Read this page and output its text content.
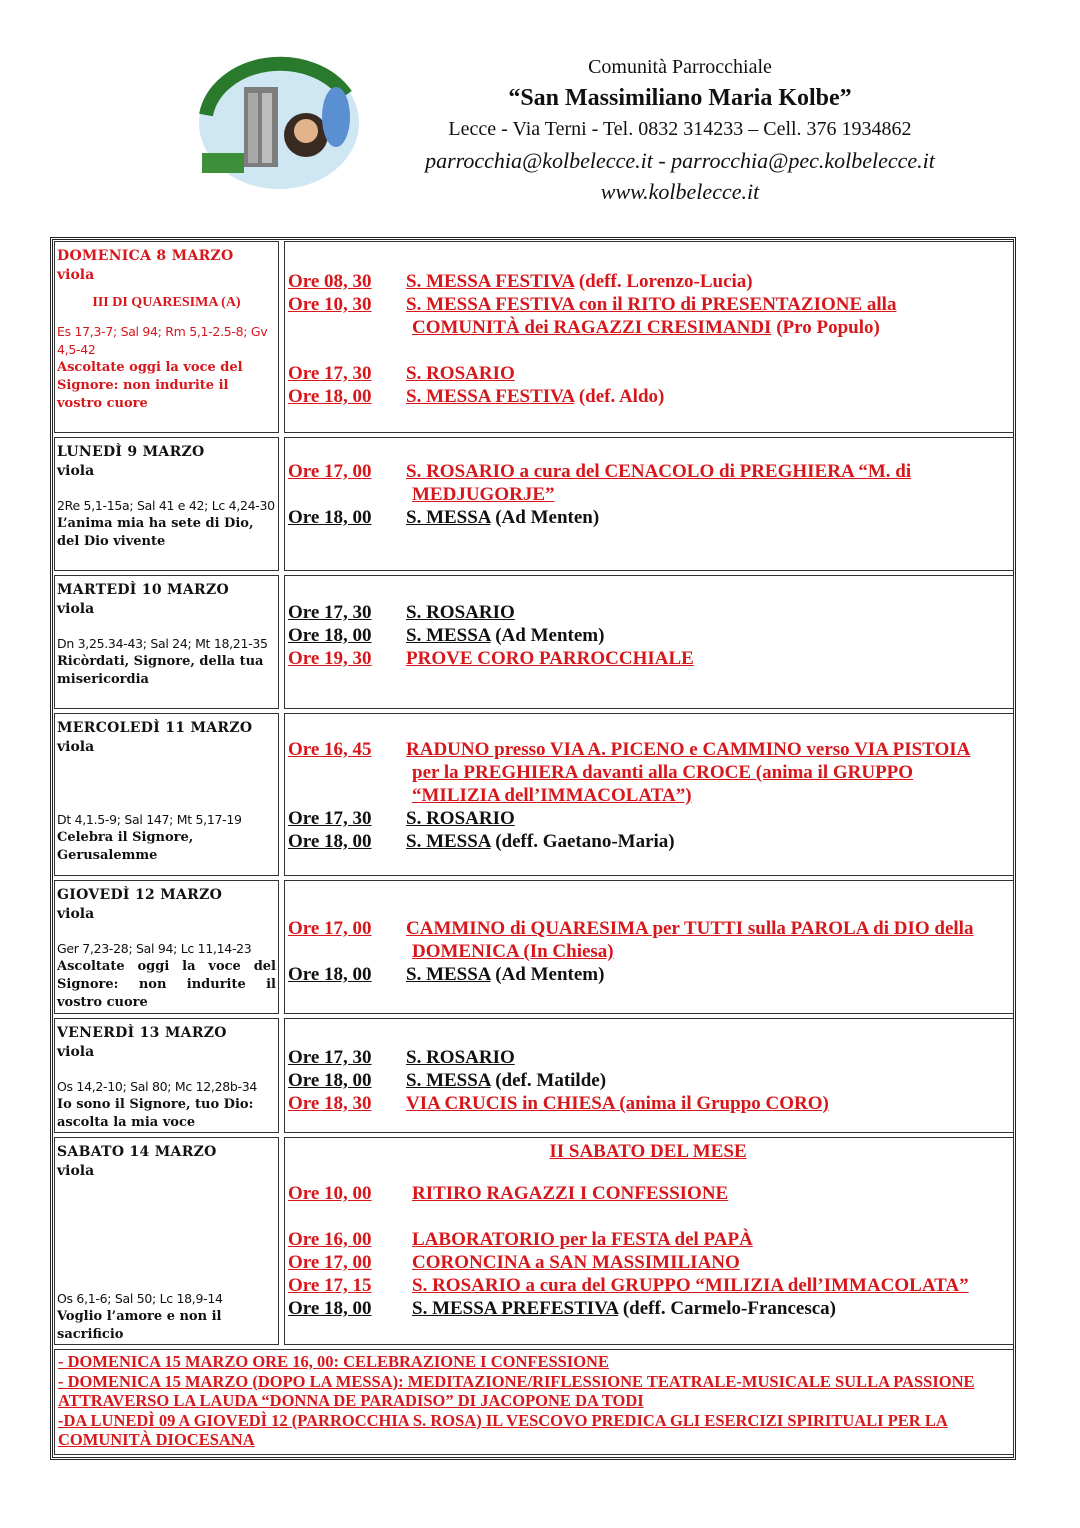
Comunità Parrocchiale
“San Massimiliano Maria Kolbe”
Lecce - Via Terni - Tel. 0832 314233 – Cell. 376 1934862
parrocchia@kolbelecce.it - parrocchia@pec.kolbelecce.it
www.kolbelecce.it
DOMENICA 8 MARZO
viola
III DI QUARESIMA (A)
Es 17,3-7; Sal 94; Rm 5,1-2.5-8; Gv 4,5-42
Ascoltate oggi la voce del Signore: non indurite il vostro cuore
Ore 08, 30 S. MESSA FESTIVA (deff. Lorenzo-Lucia)
Ore 10, 30 S. MESSA FESTIVA con il RITO di PRESENTAZIONE alla
COMUNITÀ dei RAGAZZI CRESIMANDI (Pro Populo)
Ore 17, 30 S. ROSARIO
Ore 18, 00 S. MESSA FESTIVA (def. Aldo)
LUNEDÌ 9 MARZO
viola
2Re 5,1-15a; Sal 41 e 42; Lc 4,24-30
L’anima mia ha sete di Dio, del Dio vivente
Ore 17, 00 S. ROSARIO a cura del CENACOLO di PREGHIERA “M. di
MEDJUGORJE”
Ore 18, 00 S. MESSA (Ad Menten)
MARTEDÌ 10 MARZO
viola
Dn 3,25.34-43; Sal 24; Mt 18,21-35
Ricòrdati, Signore, della tua misericordia
Ore 17, 30 S. ROSARIO
Ore 18, 00 S. MESSA (Ad Mentem)
Ore 19, 30 PROVE CORO PARROCCHIALE
MERCOLEDÌ 11 MARZO
viola
Dt 4,1.5-9; Sal 147; Mt 5,17-19
Celebra il Signore, Gerusalemme
Ore 16, 45 RADUNO presso VIA A. PICENO e CAMMINO verso VIA PISTOIA
per la PREGHIERA davanti alla CROCE (anima il GRUPPO
“MILIZIA dell’IMMACOLATA”)
Ore 17, 30 S. ROSARIO
Ore 18, 00 S. MESSA (deff. Gaetano-Maria)
GIOVEDÌ 12 MARZO
viola
Ger 7,23-28; Sal 94; Lc 11,14-23
Ascoltate oggi la voce del Signore: non indurite il vostro cuore
Ore 17, 00 CAMMINO di QUARESIMA per TUTTI sulla PAROLA di DIO della
DOMENICA (In Chiesa)
Ore 18, 00 S. MESSA (Ad Mentem)
VENERDÌ 13 MARZO
viola
Os 14,2-10; Sal 80; Mc 12,28b-34
Io sono il Signore, tuo Dio: ascolta la mia voce
Ore 17, 30 S. ROSARIO
Ore 18, 00 S. MESSA (def. Matilde)
Ore 18, 30 VIA CRUCIS in CHIESA (anima il Gruppo CORO)
SABATO 14 MARZO
viola
Os 6,1-6; Sal 50; Lc 18,9-14
Voglio l’amore e non il sacrificio
II SABATO DEL MESE
Ore 10, 00 RITIRO RAGAZZI I CONFESSIONE
Ore 16, 00 LABORATORIO per la FESTA del PAPÀ
Ore 17, 00 CORONCINA a SAN MASSIMILIANO
Ore 17, 15 S. ROSARIO a cura del GRUPPO “MILIZIA dell’IMMACOLATA”
Ore 18, 00 S. MESSA PREFESTIVA (deff. Carmelo-Francesca)
- DOMENICA 15 MARZO ORE 16, 00: CELEBRAZIONE I CONFESSIONE
- DOMENICA 15 MARZO (DOPO LA MESSA): MEDITAZIONE/RIFLESSIONE TEATRALE-MUSICALE SULLA PASSIONE ATTRAVERSO LA LAUDA “DONNA DE PARADISO” DI JACOPONE DA TODI
-DA LUNEDÌ 09 A GIOVEDÌ 12 (PARROCCHIA S. ROSA) IL VESCOVO PREDICA GLI ESERCIZI SPIRITUALI PER LA COMUNITÀ DIOCESANA
